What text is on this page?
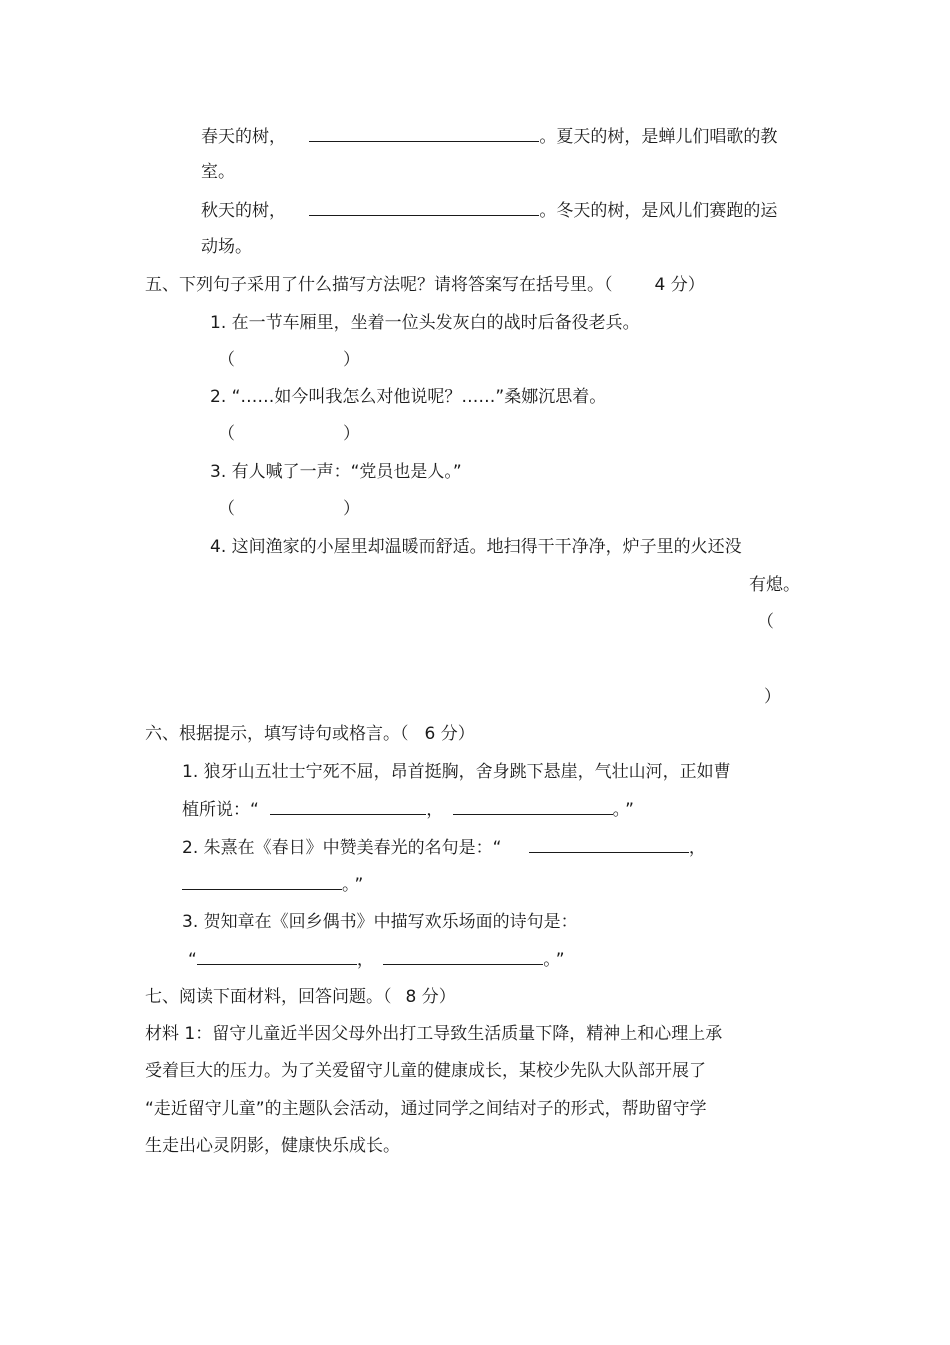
春天的树，	。夏天的树，是蝉儿们唱歌的教
室。
秋天的树，	。冬天的树，是风儿们赛跑的运
动场。
五、下列句子采用了什么描写方法呢？请将答案写在括号里。（ 4 分）
1. 在一节车厢里，坐着一位头发灰白的战时后备役老兵。
（	）
2. “……如今叫我怎么对他说呢？……”桑娜沉思着。
（	）
3. 有人喊了一声：“党员也是人。”
（	）
4. 这间渔家的小屋里却温暖而舒适。地扫得干干净净，炉子里的火还没
有熄。
（
）
六、根据提示，填写诗句或格言。（ 6 分）
1. 狼牙山五壮士宁死不屈，昂首挺胸，舍身跳下悬崖，气壮山河，正如曹
植所说：“	，	。 ”
2. 朱熹在《春日》中赞美春光的名句是：“	，
。 ”
3. 贺知章在《回乡偶书》中描写欢乐场面的诗句是：
“	，	。 ”
七、阅读下面材料，回答问题。（ 8 分）
材料 1：留守儿童近半因父母外出打工导致生活质量下降，精神上和心理上承
受着巨大的压力。为了关爱留守儿童的健康成长，某校少先队大队部开展了
“走近留守儿童”的主题队会活动，通过同学之间结对子的形式，帮助留守学
生走出心灵阴影，健康快乐成长。
